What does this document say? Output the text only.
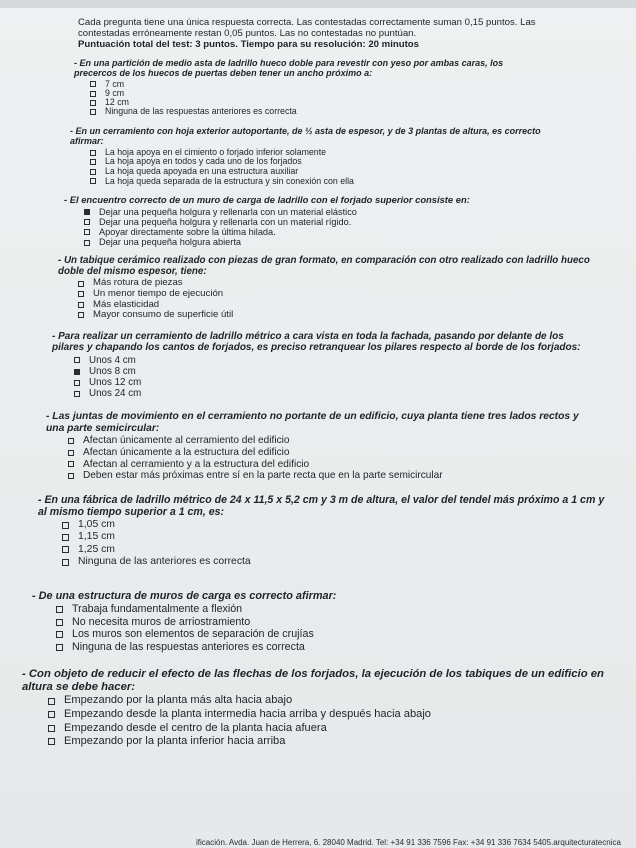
Cada pregunta tiene una única respuesta correcta. Las contestadas correctamente suman 0,15 puntos. Las
contestadas erróneamente restan 0,05 puntos. Las no contestadas no puntúan.
Puntuación total del test: 3 puntos. Tiempo para su resolución: 20 minutos
- En una partición de medio asta de ladrillo hueco doble para revestir con yeso por ambas caras, los
precercos de los huecos de puertas deben tener un ancho próximo a:
7 cm
9 cm
12 cm
Ninguna de las respuestas anteriores es correcta
- En un cerramiento con hoja exterior autoportante, de ½ asta de espesor, y de 3 plantas de altura, es correcto
afirmar:
La hoja apoya en el cimiento o forjado inferior solamente
La hoja apoya en todos y cada uno de los forjados
La hoja queda apoyada en una estructura auxiliar
La hoja queda separada de la estructura y sin conexión con ella
- El encuentro correcto de un muro de carga de ladrillo con el forjado superior consiste en:
Dejar una pequeña holgura y rellenarla con un material elástico
Dejar una pequeña holgura y rellenarla con un material rígido.
Apoyar directamente sobre la última hilada.
Dejar una pequeña holgura abierta
- Un tabique cerámico realizado con piezas de gran formato, en comparación con otro realizado con ladrillo hueco
doble del mismo espesor, tiene:
Más rotura de piezas
Un menor tiempo de ejecución
Más elasticidad
Mayor consumo de superficie útil
- Para realizar un cerramiento de ladrillo métrico a cara vista en toda la fachada, pasando por delante de los
pilares y chapando los cantos de forjados, es preciso retranquear los pilares respecto al borde de los forjados:
Unos 4 cm
Unos 8 cm
Unos 12 cm
Unos 24 cm
- Las juntas de movimiento en el cerramiento no portante de un edificio, cuya planta tiene tres lados rectos y
una parte semicircular:
Afectan únicamente al cerramiento del edificio
Afectan únicamente a la estructura del edificio
Afectan al cerramiento y a la estructura del edificio
Deben estar más próximas entre sí en la parte recta que en la parte semicircular
- En una fábrica de ladrillo métrico de 24 x 11,5 x 5,2 cm y 3 m de altura, el valor del tendel más próximo a 1 cm y
al mismo tiempo superior a 1 cm, es:
1,05 cm
1,15 cm
1,25 cm
Ninguna de las anteriores es correcta
- De una estructura de muros de carga es correcto afirmar:
Trabaja fundamentalmente a flexión
No necesita muros de arriostramiento
Los muros son elementos de separación de crujías
Ninguna de las respuestas anteriores es correcta
- Con objeto de reducir el efecto de las flechas de los forjados, la ejecución de los tabiques de un edificio en
altura se debe hacer:
Empezando por la planta más alta hacia abajo
Empezando desde la planta intermedia hacia arriba y después hacia abajo
Empezando desde el centro de la planta hacia afuera
Empezando por la planta inferior hacia arriba
ificación. Avda. Juan de Herrera, 6. 28040 Madrid. Tel: +34 91 336 7596 Fax: +34 91 336 7634 5405.arquitecturatecnica
